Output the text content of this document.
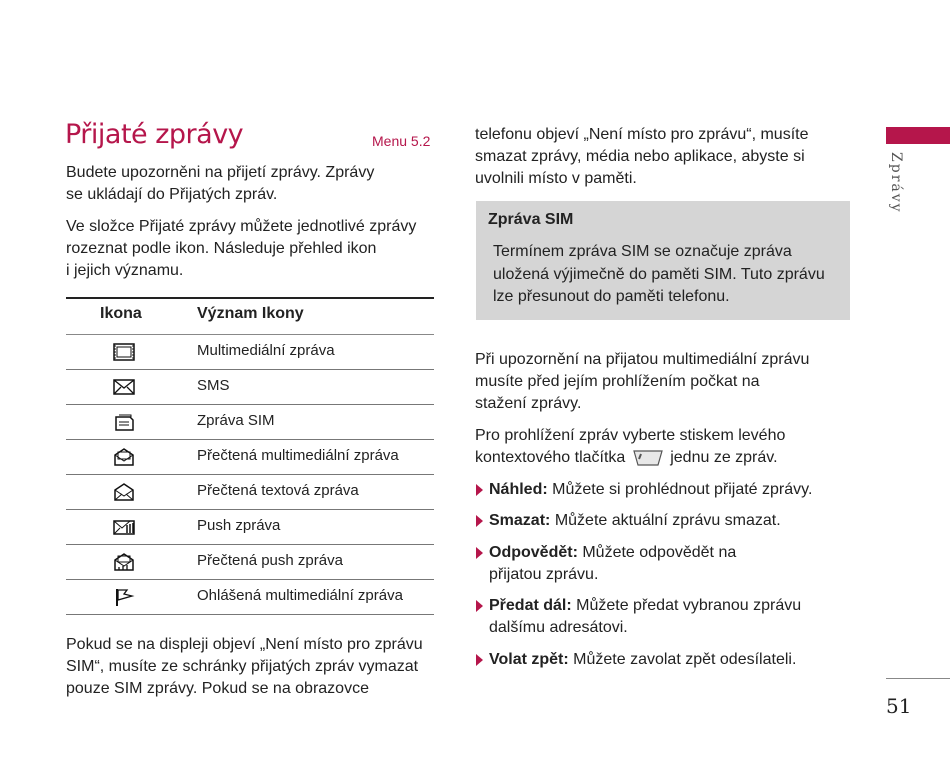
Zprávy
51
Přijaté zprávy	Menu 5.2
Budete upozorněni na přijetí zprávy. Zprávy
se ukládají do Přijatých zpráv.
Ve složce Přijaté zprávy můžete jednotlivé zprávy
rozeznat podle ikon. Následuje přehled ikon
i jejich významu.
Ikona	Význam Ikony
Multimediální zpráva
SMS
Zpráva SIM
Přečtená multimediální zpráva
Přečtená textová zpráva
Push zpráva
Přečtená push zpráva
Ohlášená multimediální zpráva
Pokud se na displeji objeví „Není místo pro zprávu
SIM“, musíte ze schránky přijatých zpráv vymazat
pouze SIM zprávy. Pokud se na obrazovce
telefonu objeví „Není místo pro zprávu“, musíte
smazat zprávy, média nebo aplikace, abyste si
uvolnili místo v paměti.
Zpráva SIM
Termínem zpráva SIM se označuje zpráva
uložená výjimečně do paměti SIM. Tuto zprávu
lze přesunout do paměti telefonu.
Při upozornění na přijatou multimediální zprávu
musíte před jejím prohlížením počkat na
stažení zprávy.
Pro prohlížení zpráv vyberte stiskem levého
kontextového tlačítka	jednu ze zpráv.
Náhled: Můžete si prohlédnout přijaté zprávy.
Smazat: Můžete aktuální zprávu smazat.
Odpovědět: Můžete odpovědět na
přijatou zprávu.
Předat dál: Můžete předat vybranou zprávu
dalšímu adresátovi.
Volat zpět: Můžete zavolat zpět odesílateli.
